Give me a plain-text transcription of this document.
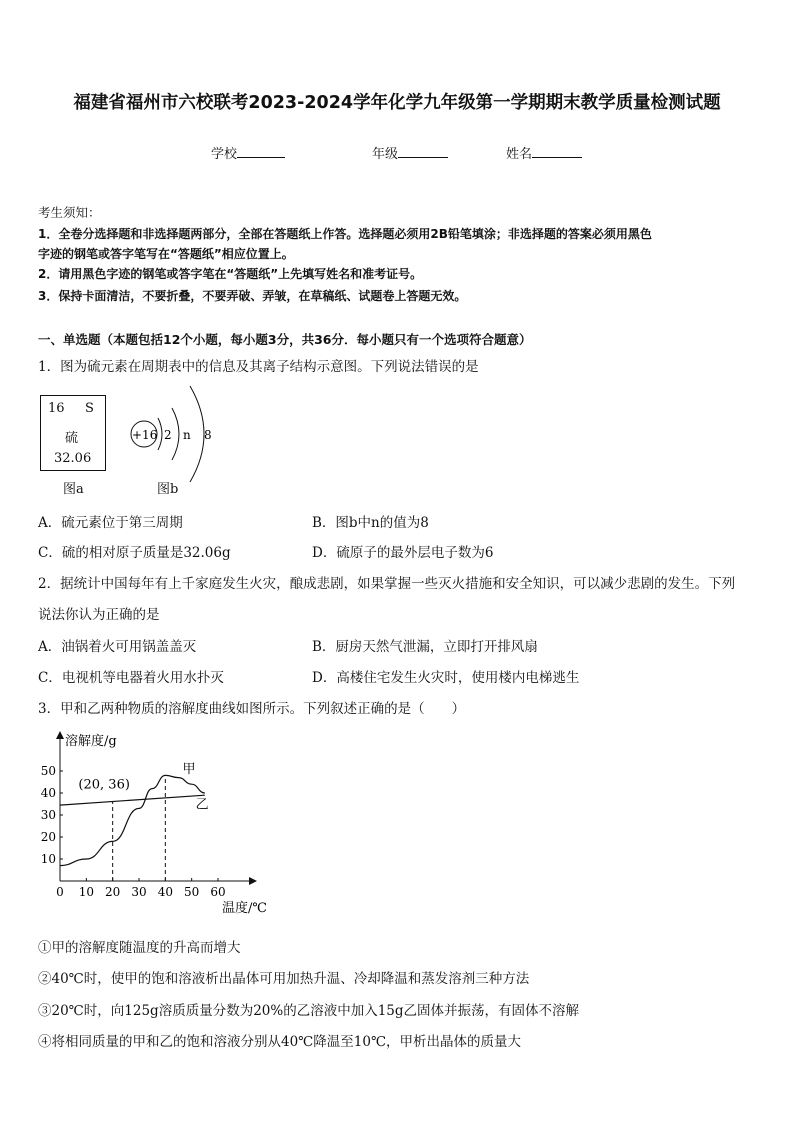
福建省福州市六校联考2023-2024学年化学九年级第一学期期末教学质量检测试题
学校	年级	姓名
考生须知：
1．全卷分选择题和非选择题两部分，全部在答题纸上作答。选择题必须用2B铅笔填涂；非选择题的答案必须用黑色
字迹的钢笔或答字笔写在“答题纸”相应位置上。
2．请用黑色字迹的钢笔或答字笔在“答题纸”上先填写姓名和准考证号。
3．保持卡面清洁，不要折叠，不要弄破、弄皱，在草稿纸、试题卷上答题无效。
一、单选题（本题包括12个小题，每小题3分，共36分．每小题只有一个选项符合题意）
1．图为硫元素在周期表中的信息及其离子结构示意图。下列说法错误的是
16 S
硫
32.06
图a
+16 2 n 8
图b
A．硫元素位于第三周期	B．图b中n的值为8
C．硫的相对原子质量是32.06g	D．硫原子的最外层电子数为6
2．据统计中国每年有上千家庭发生火灾，酿成悲剧，如果掌握一些灭火措施和安全知识，可以减少悲剧的发生。下列
说法你认为正确的是
A．油锅着火可用锅盖盖灭	B．厨房天然气泄漏，立即打开排风扇
C．电视机等电器着火用水扑灭	D．高楼住宅发生火灾时，使用楼内电梯逃生
3．甲和乙两种物质的溶解度曲线如图所示。下列叙述正确的是（　　）
0 10 20 30 40 50 60
10
20
30
40
50	甲
乙
溶解度/g
温度/℃
(20, 36)
①甲的溶解度随温度的升高而增大
②40℃时，使甲的饱和溶液析出晶体可用加热升温、冷却降温和蒸发溶剂三种方法
③20℃时，向125g溶质质量分数为20%的乙溶液中加入15g乙固体并振荡，有固体不溶解
④将相同质量的甲和乙的饱和溶液分别从40℃降温至10℃，甲析出晶体的质量大
